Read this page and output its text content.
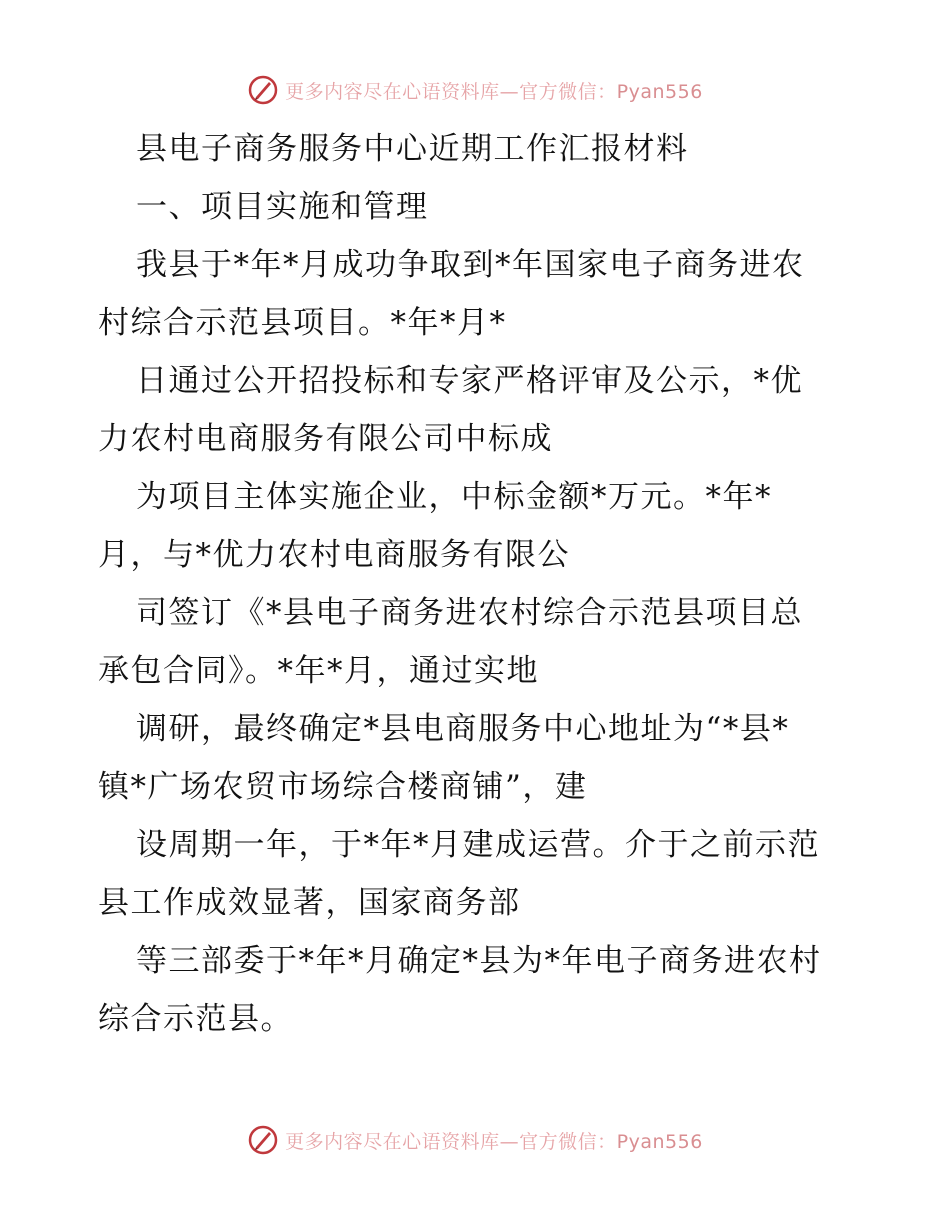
更多内容尽在心语资料库—官方微信：Pyan556
县电子商务服务中心近期工作汇报材料
一、项目实施和管理
我县于*年*月成功争取到*年国家电子商务进农
村综合示范县项目。*年*月*
日通过公开招投标和专家严格评审及公示，*优
力农村电商服务有限公司中标成
为项目主体实施企业，中标金额*万元。*年*
月，与*优力农村电商服务有限公
司签订《*县电子商务进农村综合示范县项目总
承包合同》。*年*月，通过实地
调研，最终确定*县电商服务中心地址为“*县*
镇*广场农贸市场综合楼商铺”，建
设周期一年，于*年*月建成运营。介于之前示范
县工作成效显著，国家商务部
等三部委于*年*月确定*县为*年电子商务进农村
综合示范县。
更多内容尽在心语资料库—官方微信：Pyan556
